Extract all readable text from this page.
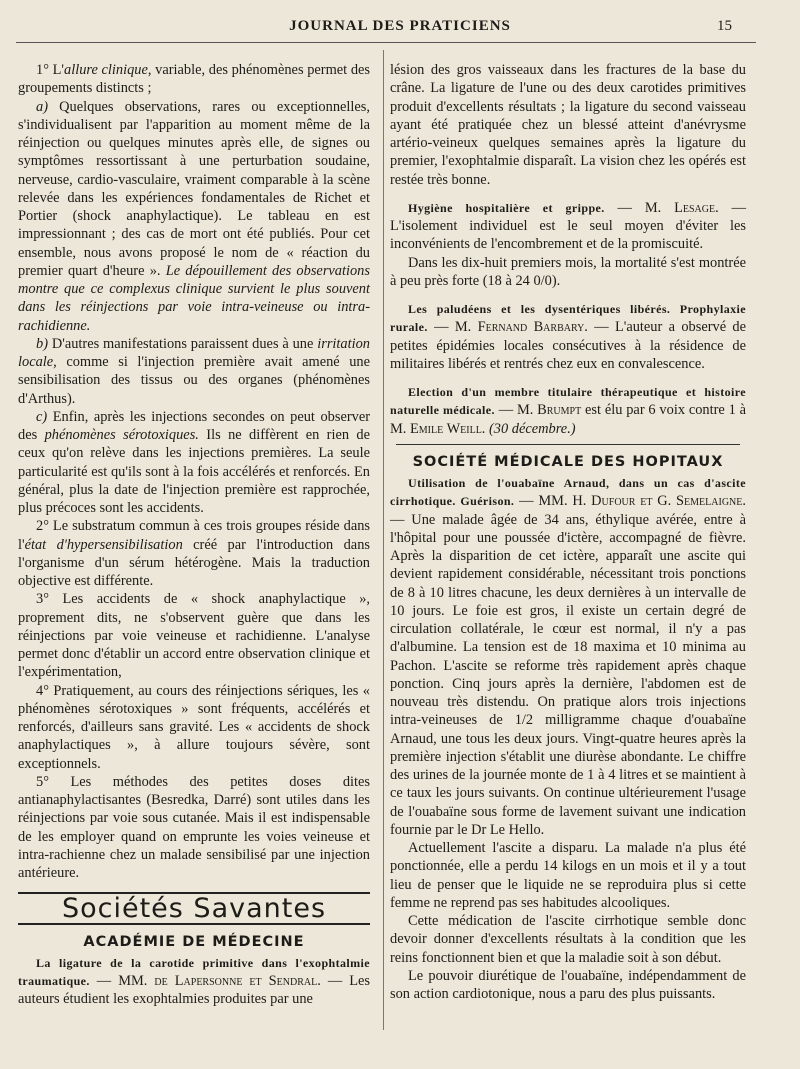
JOURNAL DES PRATICIENS	15

1° L'allure clinique, variable, des phénomènes permet des groupements distincts ;

a) Quelques observations, rares ou exceptionnelles, s'individualisent par l'apparition au moment même de la réinjection ou quelques minutes après elle, de signes ou symptômes ressortissant à une perturbation soudaine, nerveuse, cardio-vasculaire, vraiment comparable à la scène relevée dans les expériences fondamentales de Richet et Portier (shock anaphylactique). Le tableau en est impressionnant ; des cas de mort ont été publiés. Pour cet ensemble, nous avons proposé le nom de « réaction du premier quart d'heure ». Le dépouillement des observations montre que ce complexus clinique survient le plus souvent dans les réinjections par voie intra-veineuse ou intra-rachidienne.

b) D'autres manifestations paraissent dues à une irritation locale, comme si l'injection première avait amené une sensibilisation des tissus ou des organes (phénomènes d'Arthus).

c) Enfin, après les injections secondes on peut observer des phénomènes sérotoxiques. Ils ne diffèrent en rien de ceux qu'on relève dans les injections premières. La seule particularité est qu'ils sont à la fois accélérés et renforcés. En général, plus la date de l'injection première est rapprochée, plus précoces sont les accidents.

2° Le substratum commun à ces trois groupes réside dans l'état d'hypersensibilisation créé par l'introduction dans l'organisme d'un sérum hétérogène. Mais la traduction objective est différente.

3° Les accidents de « shock anaphylactique », proprement dits, ne s'observent guère que dans les réinjections par voie veineuse et rachidienne. L'analyse permet donc d'établir un accord entre observation clinique et l'expérimentation,

4° Pratiquement, au cours des réinjections sériques, les « phénomènes sérotoxiques » sont fréquents, accélérés et renforcés, d'ailleurs sans gravité. Les « accidents de shock anaphylactiques », à allure toujours sévère, sont exceptionnels.

5° Les méthodes des petites doses dites antianaphylactisantes (Besredka, Darré) sont utiles dans les réinjections par voie sous cutanée. Mais il est indispensable de les employer quand on emprunte les voies veineuse et intra-rachienne chez un malade sensibilisé par une injection antérieure.

Sociétés Savantes
ACADÉMIE DE MÉDECINE

La ligature de la carotide primitive dans l'exophtalmie traumatique. — MM. de Lapersonne et Sendral. — Les auteurs étudient les exophtalmies produites par une

lésion des gros vaisseaux dans les fractures de la base du crâne. La ligature de l'une ou des deux carotides primitives produit d'excellents résultats ; la ligature du second vaisseau ayant été pratiquée chez un blessé atteint d'anévrysme artério-veineux quelques semaines après la ligature du premier, l'exophtalmie disparaît. La vision chez les opérés est restée très bonne.

Hygiène hospitalière et grippe. — M. Lesage. — L'isolement individuel est le seul moyen d'éviter les inconvénients de l'encombrement et de la promiscuité.

Dans les dix-huit premiers mois, la mortalité s'est montrée à peu près forte (18 à 24 0/0).

Les paludéens et les dysentériques libérés. Prophylaxie rurale. — M. Fernand Barbary. — L'auteur a observé de petites épidémies locales consécutives à la résidence de militaires libérés et rentrés chez eux en convalescence.

Election d'un membre titulaire thérapeutique et histoire naturelle médicale. — M. Brumpt est élu par 6 voix contre 1 à M. Emile Weill. (30 décembre.)

SOCIÉTÉ MÉDICALE DES HOPITAUX

Utilisation de l'ouabaïne Arnaud, dans un cas d'ascite cirrhotique. Guérison. — MM. H. Dufour et G. Semelaigne. — Une malade âgée de 34 ans, éthylique avérée, entre à l'hôpital pour une poussée d'ictère, accompagné de fièvre. Après la disparition de cet ictère, apparaît une ascite qui devient rapidement considérable, nécessitant trois ponctions de 8 à 10 litres chacune, les deux dernières à un intervalle de 10 jours. Le foie est gros, il existe un certain degré de circulation collatérale, le cœur est normal, il n'y a pas d'albumine. La tension est de 18 maxima et 10 minima au Pachon. L'ascite se reforme très rapidement après chaque ponction. Cinq jours après la dernière, l'abdomen est de nouveau très distendu. On pratique alors trois injections intra-veineuses de 1/2 milligramme chaque d'ouabaïne Arnaud, une tous les deux jours. Vingt-quatre heures après la première injection s'établit une diurèse abondante. Le chiffre des urines de la journée monte de 1 à 4 litres et se maintient à ce taux les jours suivants. On continue ultérieurement l'usage de l'ouabaïne sous forme de lavement suivant une indication fournie par le Dr Le Hello.

Actuellement l'ascite a disparu. La malade n'a plus été ponctionnée, elle a perdu 14 kilogs en un mois et il y a tout lieu de penser que le liquide ne se reproduira plus si cette femme ne reprend pas ses habitudes alcooliques.

Cette médication de l'ascite cirrhotique semble donc devoir donner d'excellents résultats à la condition que les reins fonctionnent bien et que la maladie soit à son début.

Le pouvoir diurétique de l'ouabaïne, indépendamment de son action cardiotonique, nous a paru des plus puissants.
